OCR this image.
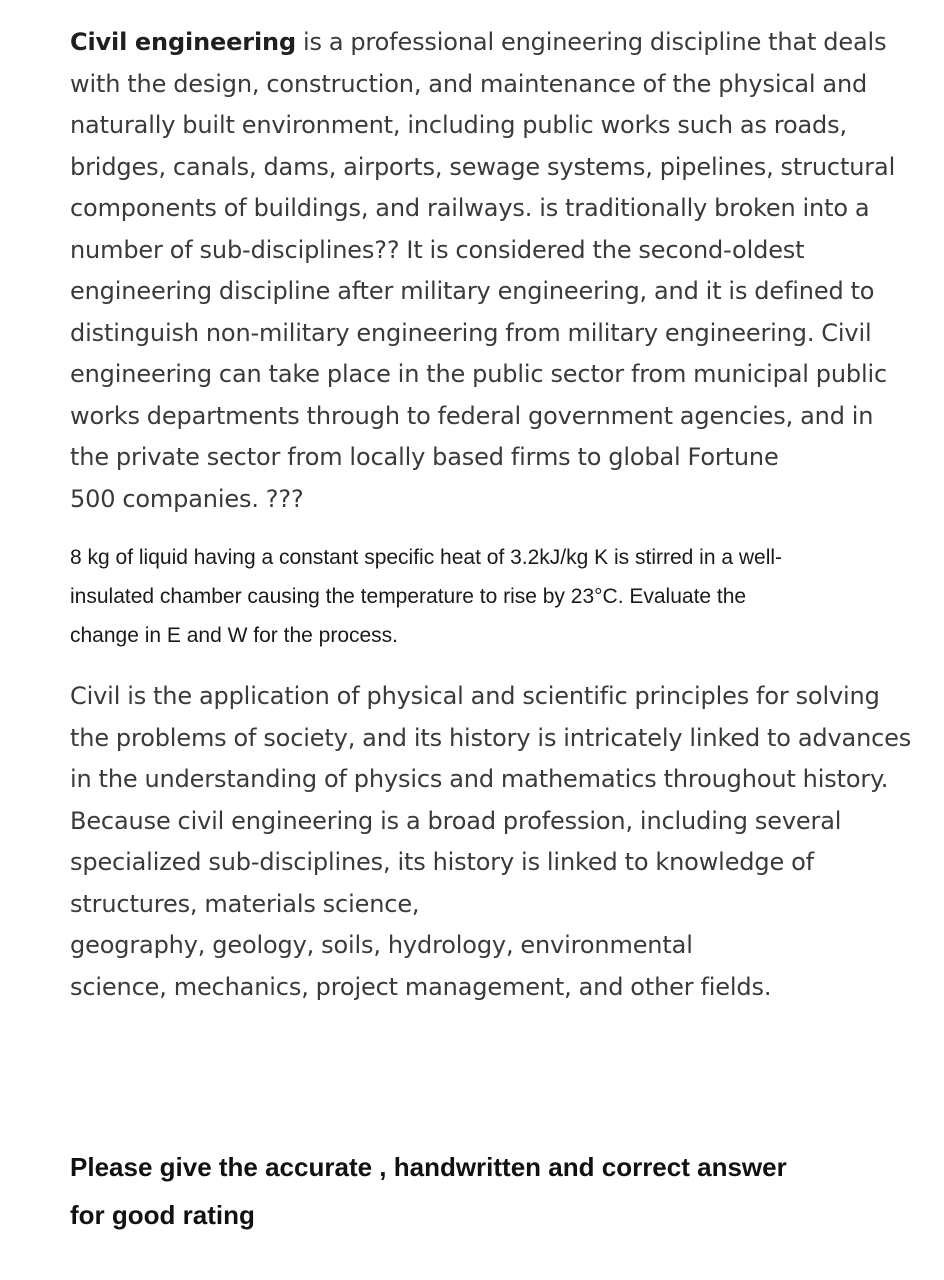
Civil engineering is a professional engineering discipline that deals
with the design, construction, and maintenance of the physical and
naturally built environment, including public works such as roads,
bridges, canals, dams, airports, sewage systems, pipelines, structural
components of buildings, and railways. is traditionally broken into a
number of sub-disciplines?? It is considered the second-oldest
engineering discipline after military engineering, and it is defined to
distinguish non-military engineering from military engineering. Civil
engineering can take place in the public sector from municipal public
works departments through to federal government agencies, and in
the private sector from locally based firms to global Fortune
500 companies. ???

8 kg of liquid having a constant specific heat of 3.2kJ/kg K is stirred in a well-
insulated chamber causing the temperature to rise by 23°C. Evaluate the
change in E and W for the process.

Civil is the application of physical and scientific principles for solving
the problems of society, and its history is intricately linked to advances
in the understanding of physics and mathematics throughout history.
Because civil engineering is a broad profession, including several
specialized sub-disciplines, its history is linked to knowledge of
structures, materials science,
geography, geology, soils, hydrology, environmental
science, mechanics, project management, and other fields.

Please give the accurate , handwritten and correct answer
for good rating
